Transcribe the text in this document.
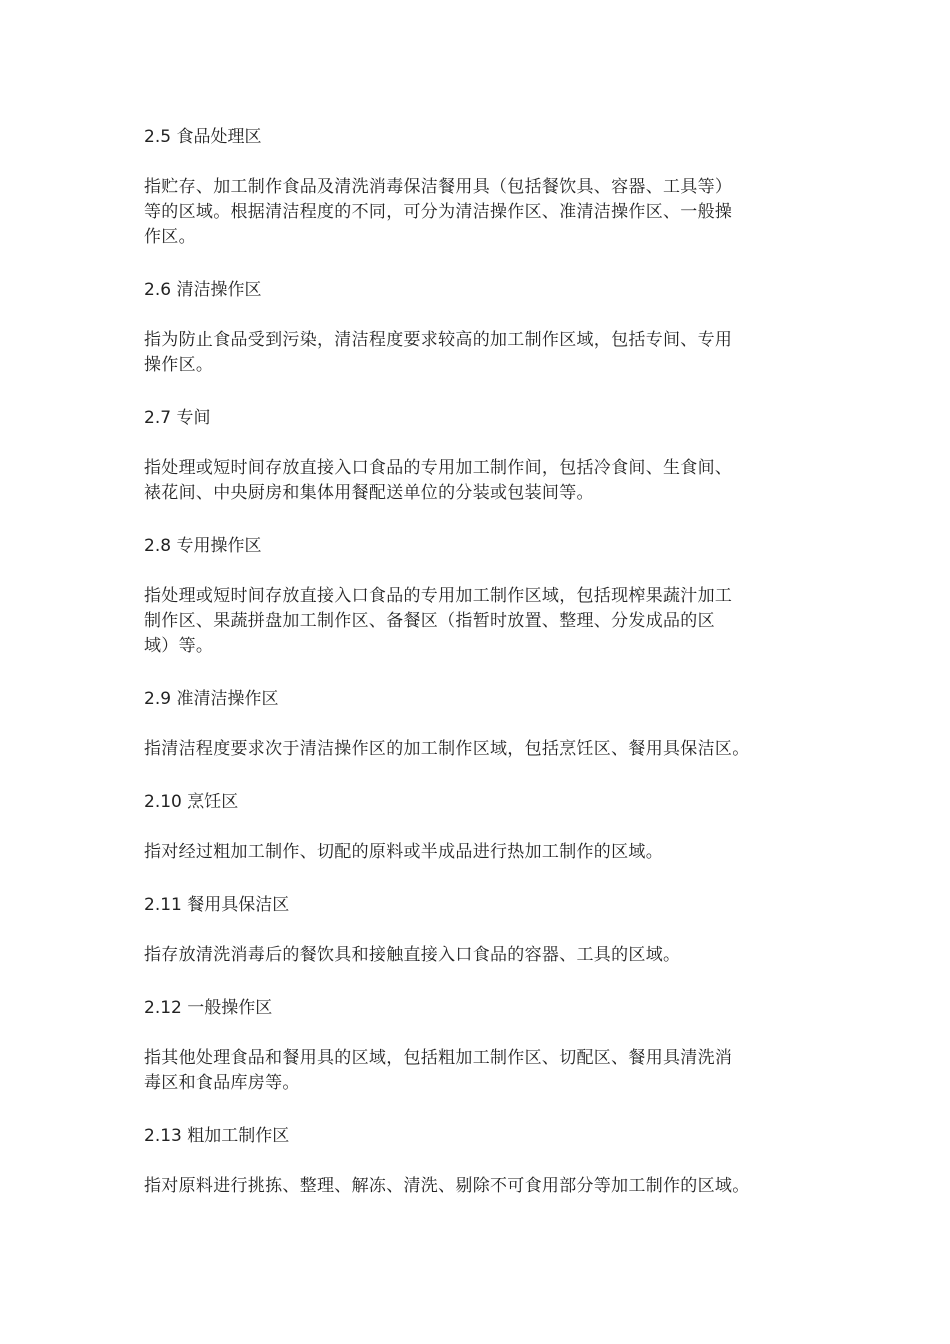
2.5 食品处理区
指贮存、加工制作食品及清洗消毒保洁餐用具（包括餐饮具、容器、工具等）
等的区域。根据清洁程度的不同，可分为清洁操作区、准清洁操作区、一般操
作区。
2.6 清洁操作区
指为防止食品受到污染，清洁程度要求较高的加工制作区域，包括专间、专用
操作区。
2.7 专间
指处理或短时间存放直接入口食品的专用加工制作间，包括冷食间、生食间、
裱花间、中央厨房和集体用餐配送单位的分装或包装间等。
2.8 专用操作区
指处理或短时间存放直接入口食品的专用加工制作区域，包括现榨果蔬汁加工
制作区、果蔬拼盘加工制作区、备餐区（指暂时放置、整理、分发成品的区
域）等。
2.9 准清洁操作区
指清洁程度要求次于清洁操作区的加工制作区域，包括烹饪区、餐用具保洁区。
2.10 烹饪区
指对经过粗加工制作、切配的原料或半成品进行热加工制作的区域。
2.11 餐用具保洁区
指存放清洗消毒后的餐饮具和接触直接入口食品的容器、工具的区域。
2.12 一般操作区
指其他处理食品和餐用具的区域，包括粗加工制作区、切配区、餐用具清洗消
毒区和食品库房等。
2.13 粗加工制作区
指对原料进行挑拣、整理、解冻、清洗、剔除不可食用部分等加工制作的区域。
